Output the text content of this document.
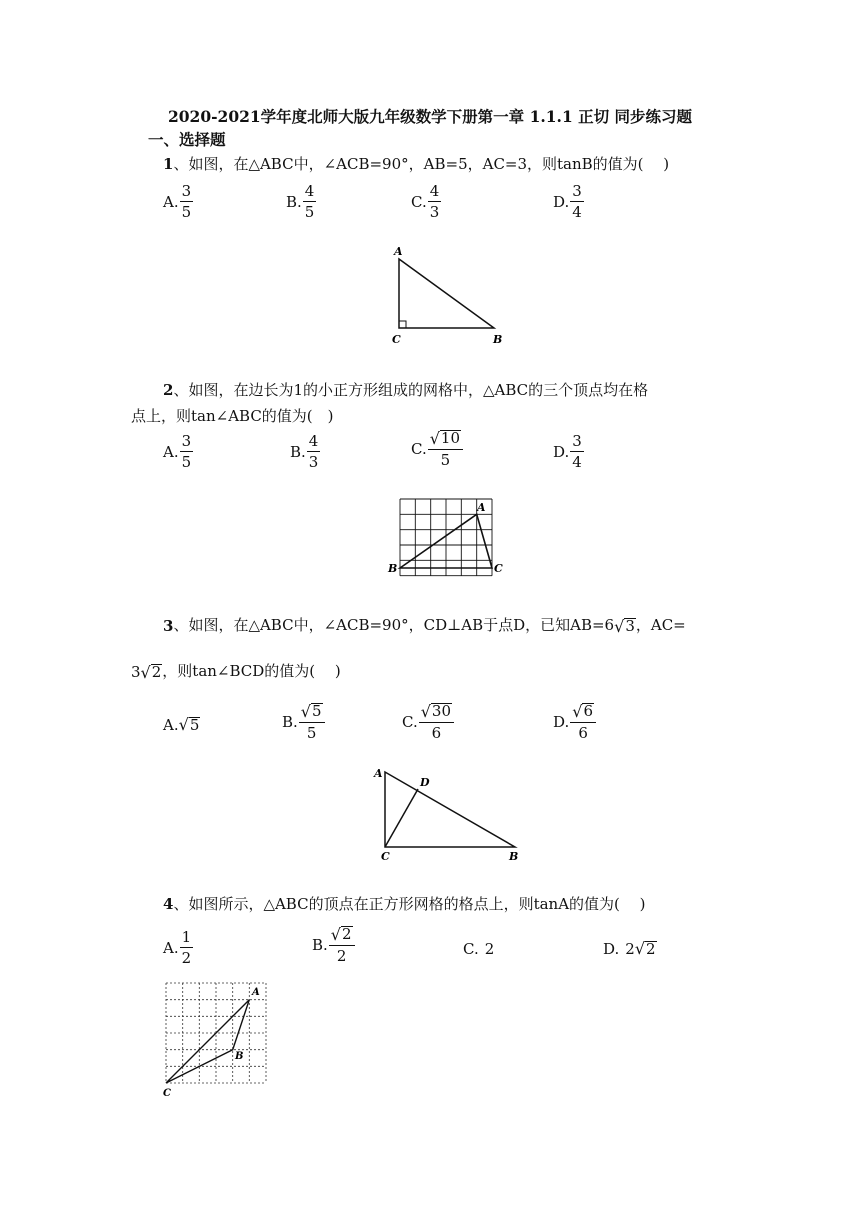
2020-2021学年度北师大版九年级数学下册第一章 1.1.1 正切 同步练习题
一、选择题
1、如图，在△ABC中，∠ACB=90°，AB=5，AC=3，则tanB的值为(　 )
A. $\frac{3}{5}$	B. $\frac{4}{5}$	C. $\frac{4}{3}$	D. $\frac{3}{4}$
A
C	B
2、如图，在边长为1的小正方形组成的网格中，△ABC的三个顶点均在格
点上，则tan∠ABC的值为(　)
A. $\frac{3}{5}$	B. $\frac{4}{3}$	C. $\frac{√ 10}{5}$	D. $\frac{3}{4}$
A
B	C
3 、如图，在△ABC中，∠ACB=90°，CD⊥AB于点D，已知AB=6 √ 3 ，AC=
3 √ 2 ，则tan∠BCD的值为(　 )
A. √ 5	B. $\frac{√ 5}{5}$	C. $\frac{√ 30}{6}$	D. $\frac{√ 6}{6}$
A
D
C	B
4、如图所示，△ABC的顶点在正方形网格的格点上，则tanA的值为(　 )
A. $\frac{1}{2}$	B. $\frac{√ 2}{2}$	C. 2	D. 2 √ 2
A
B
C
